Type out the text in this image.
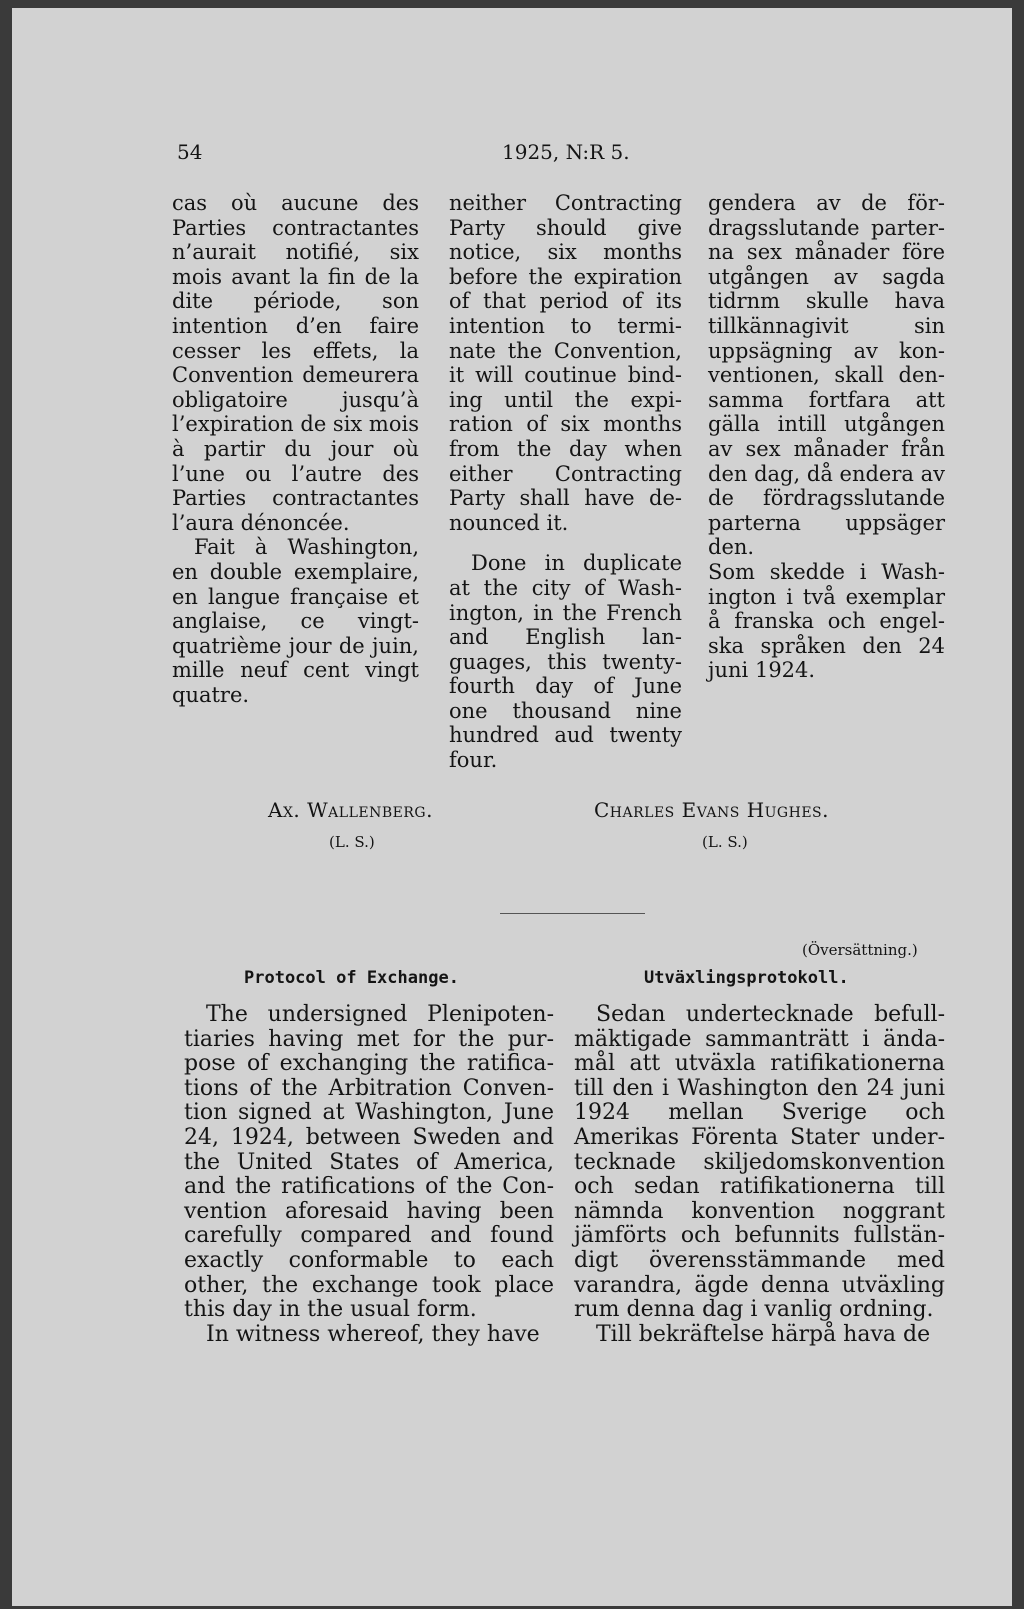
54	1925, N:R 5.

cas où aucune des Parties contractantes n’aurait notifié, six mois avant la fin de la dite période, son intention d’en faire cesser les effets, la Convention demeurera obligatoire jusqu’à l’expiration de six mois à partir du jour où l’une ou l’autre des Parties contractantes l’aura dénoncée.

Fait à Washington, en double exemplaire, en langue française et anglaise, ce vingt-quatrième jour de juin, mille neuf cent vingt quatre.

neither Contracting Party should give notice, six months before the expiration of that period of its intention to terminate the Convention, it will coutinue binding until the expiration of six months from the day when either Contracting Party shall have denounced it.

Done in duplicate at the city of Washington, in the French and English languages, this twenty-fourth day of June one thousand nine hundred aud twenty four.

gendera av de fördragsslutande parterna sex månader före utgången av sagda tidrnm skulle hava tillkännagivit sin uppsägning av konventionen, skall densamma fortfara att gälla intill utgången av sex månader från den dag, då endera av de fördragsslutande parterna uppsäger den.

Som skedde i Washington i två exemplar å franska och engelska språken den 24 juni 1924.

Ax. Wallenberg.
(L. S.)
Charles Evans Hughes.
(L. S.)
(Översättning.)
Protocol of Exchange.	Utväxlingsprotokoll.

The undersigned Plenipotentiaries having met for the purpose of exchanging the ratifications of the Arbitration Convention signed at Washington, June 24, 1924, between Sweden and the United States of America, and the ratifications of the Convention aforesaid having been carefully compared and found exactly conformable to each other, the exchange took place this day in the usual form.

In witness whereof, they have

Sedan undertecknade befullmäktigade sammanträtt i ändamål att utväxla ratifikationerna till den i Washington den 24 juni 1924 mellan Sverige och Amerikas Förenta Stater undertecknade skiljedomskonvention och sedan ratifikationerna till nämnda konvention noggrant jämförts och befunnits fullständigt överensstämmande med varandra, ägde denna utväxling rum denna dag i vanlig ordning.

Till bekräftelse härpå hava de
